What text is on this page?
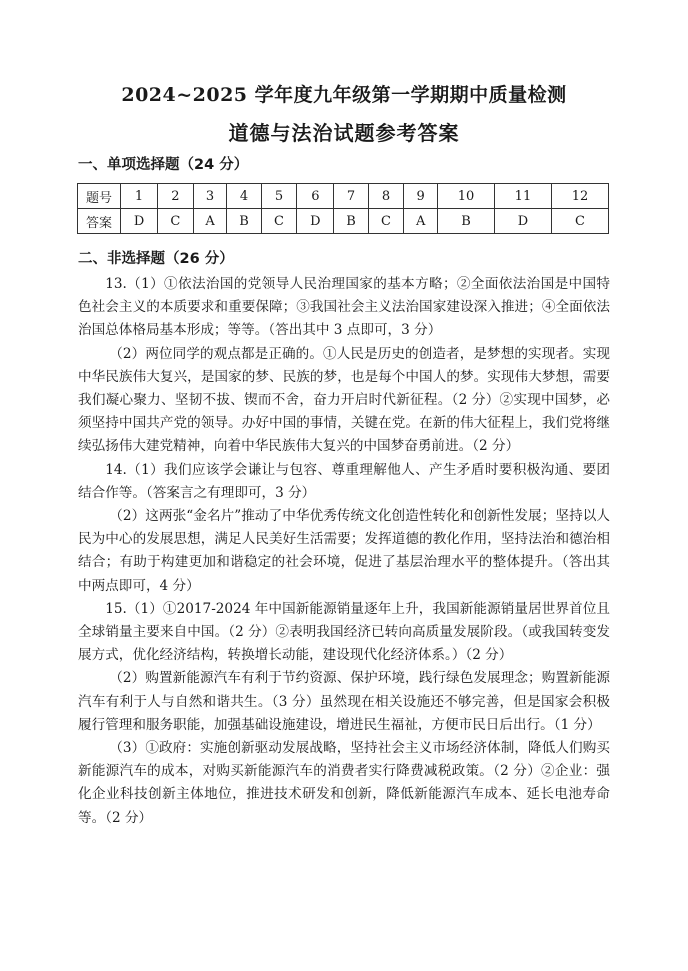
2024~2025 学年度九年级第一学期期中质量检测
道德与法治试题参考答案
一、单项选择题（24 分）
题号	1	2	3	4	5	6	7	8	9	10	11	12
答案	D	C	A	B	C	D	B	C	A	B	D	C
二、非选择题（26 分）

13.（1）①依法治国的党领导人民治理国家的基本方略；②全面依法治国是中国特色社会主义的本质要求和重要保障；③我国社会主义法治国家建设深入推进；④全面依法治国总体格局基本形成；等等。（答出其中 3 点即可，3 分）

（2）两位同学的观点都是正确的。①人民是历史的创造者，是梦想的实现者。实现中华民族伟大复兴，是国家的梦、民族的梦，也是每个中国人的梦。实现伟大梦想，需要我们凝心聚力、坚韧不拔、锲而不舍，奋力开启时代新征程。（2 分）②实现中国梦，必须坚持中国共产党的领导。办好中国的事情，关键在党。在新的伟大征程上，我们党将继续弘扬伟大建党精神，向着中华民族伟大复兴的中国梦奋勇前进。（2 分）

14.（1）我们应该学会谦让与包容、尊重理解他人、产生矛盾时要积极沟通、要团结合作等。（答案言之有理即可，3 分）

（2）这两张“金名片”推动了中华优秀传统文化创造性转化和创新性发展；坚持以人民为中心的发展思想，满足人民美好生活需要；发挥道德的教化作用，坚持法治和德治相结合；有助于构建更加和谐稳定的社会环境，促进了基层治理水平的整体提升。（答出其中两点即可，4 分）

15.（1）①2017-2024 年中国新能源销量逐年上升，我国新能源销量居世界首位且全球销量主要来自中国。（2 分）②表明我国经济已转向高质量发展阶段。（或我国转变发展方式，优化经济结构，转换增长动能，建设现代化经济体系。）（2 分）

（2）购置新能源汽车有利于节约资源、保护环境，践行绿色发展理念；购置新能源汽车有利于人与自然和谐共生。（3 分）虽然现在相关设施还不够完善，但是国家会积极履行管理和服务职能，加强基础设施建设，增进民生福祉，方便市民日后出行。（1 分）

（3）①政府：实施创新驱动发展战略，坚持社会主义市场经济体制，降低人们购买新能源汽车的成本，对购买新能源汽车的消费者实行降费减税政策。（2 分）②企业：强化企业科技创新主体地位，推进技术研发和创新，降低新能源汽车成本、延长电池寿命等。（2 分）
